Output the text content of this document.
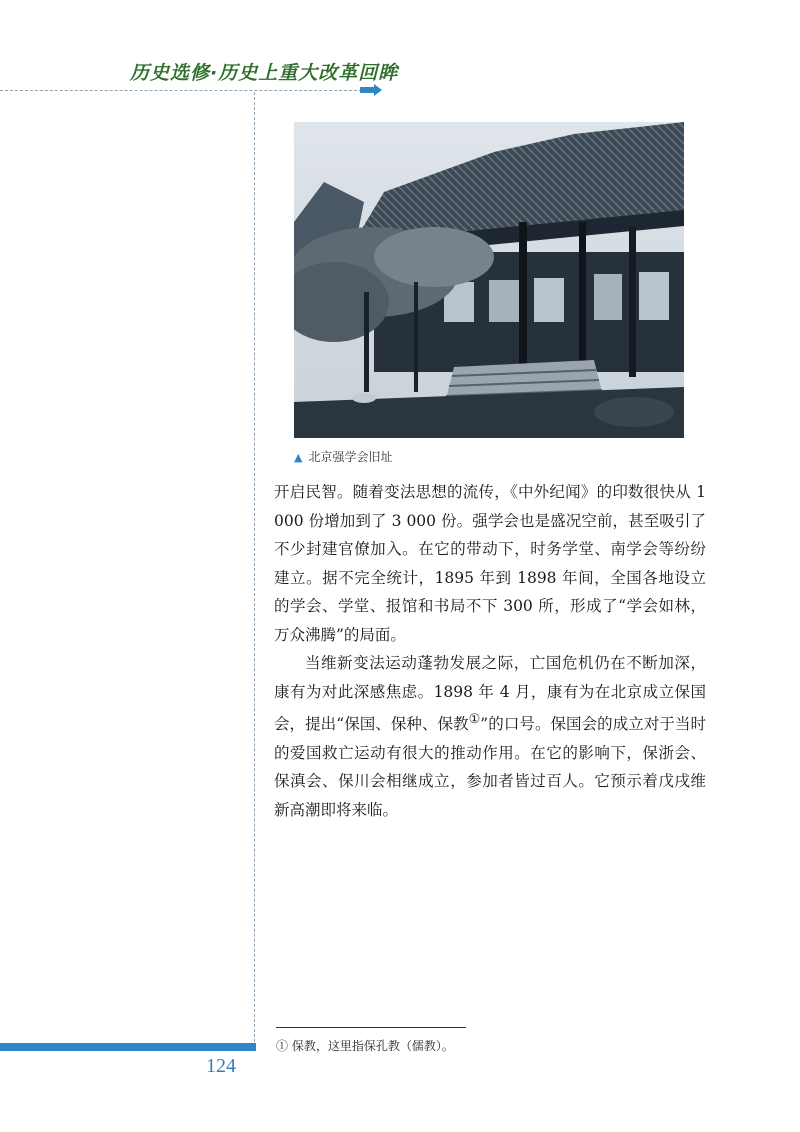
历史选修·历史上重大改革回眸
▲ 北京强学会旧址

开启民智。随着变法思想的流传，《中外纪闻》的印数很快从 1 000 份增加到了 3 000 份。强学会也是盛况空前，甚至吸引了不少封建官僚加入。在它的带动下，时务学堂、南学会等纷纷建立。据不完全统计，1895 年到 1898 年间，全国各地设立的学会、学堂、报馆和书局不下 300 所，形成了“学会如林，万众沸腾”的局面。

当维新变法运动蓬勃发展之际，亡国危机仍在不断加深，康有为对此深感焦虑。1898 年 4 月，康有为在北京成立保国会，提出“保国、保种、保教①”的口号。保国会的成立对于当时的爱国救亡运动有很大的推动作用。在它的影响下，保浙会、保滇会、保川会相继成立，参加者皆过百人。它预示着戊戌维新高潮即将来临。

① 保教，这里指保孔教（儒教）。
124
